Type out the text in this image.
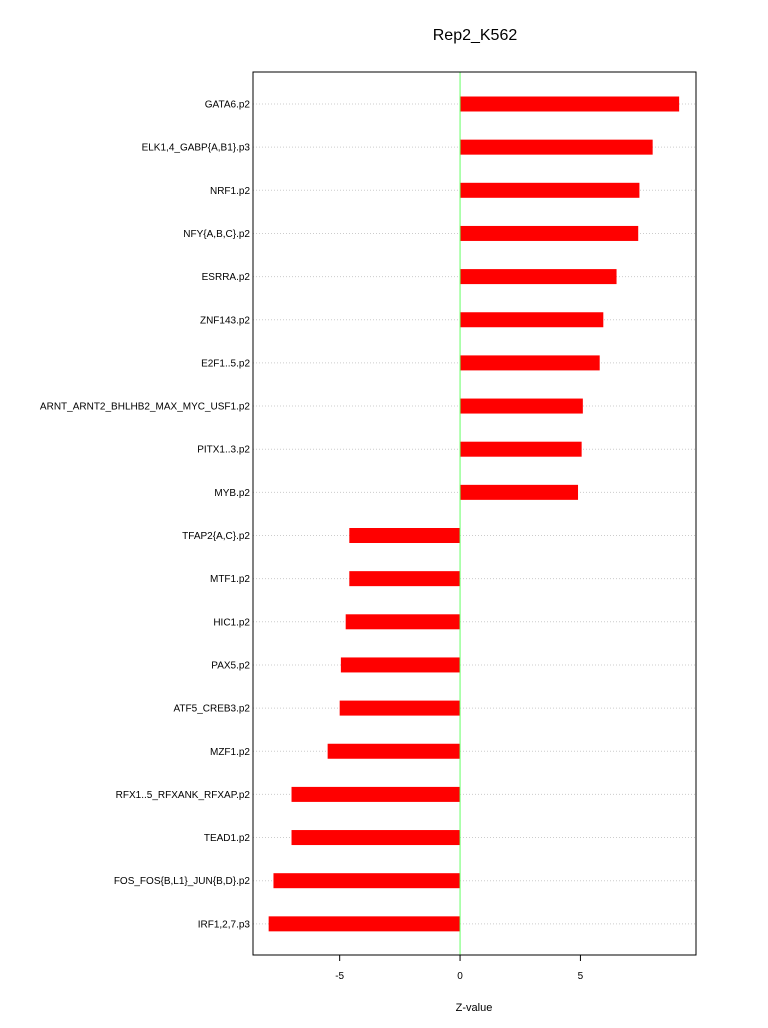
Rep2_K562
GATA6.p2
ELK1,4_GABP{A,B1}.p3
NRF1.p2
NFY{A,B,C}.p2
ESRRA.p2
ZNF143.p2
E2F1..5.p2
ARNT_ARNT2_BHLHB2_MAX_MYC_USF1.p2
PITX1..3.p2
MYB.p2
TFAP2{A,C}.p2
MTF1.p2
HIC1.p2
PAX5.p2
ATF5_CREB3.p2
MZF1.p2
RFX1..5_RFXANK_RFXAP.p2
TEAD1.p2
FOS_FOS{B,L1}_JUN{B,D}.p2
IRF1,2,7.p3
-5	0	5
Z-value
